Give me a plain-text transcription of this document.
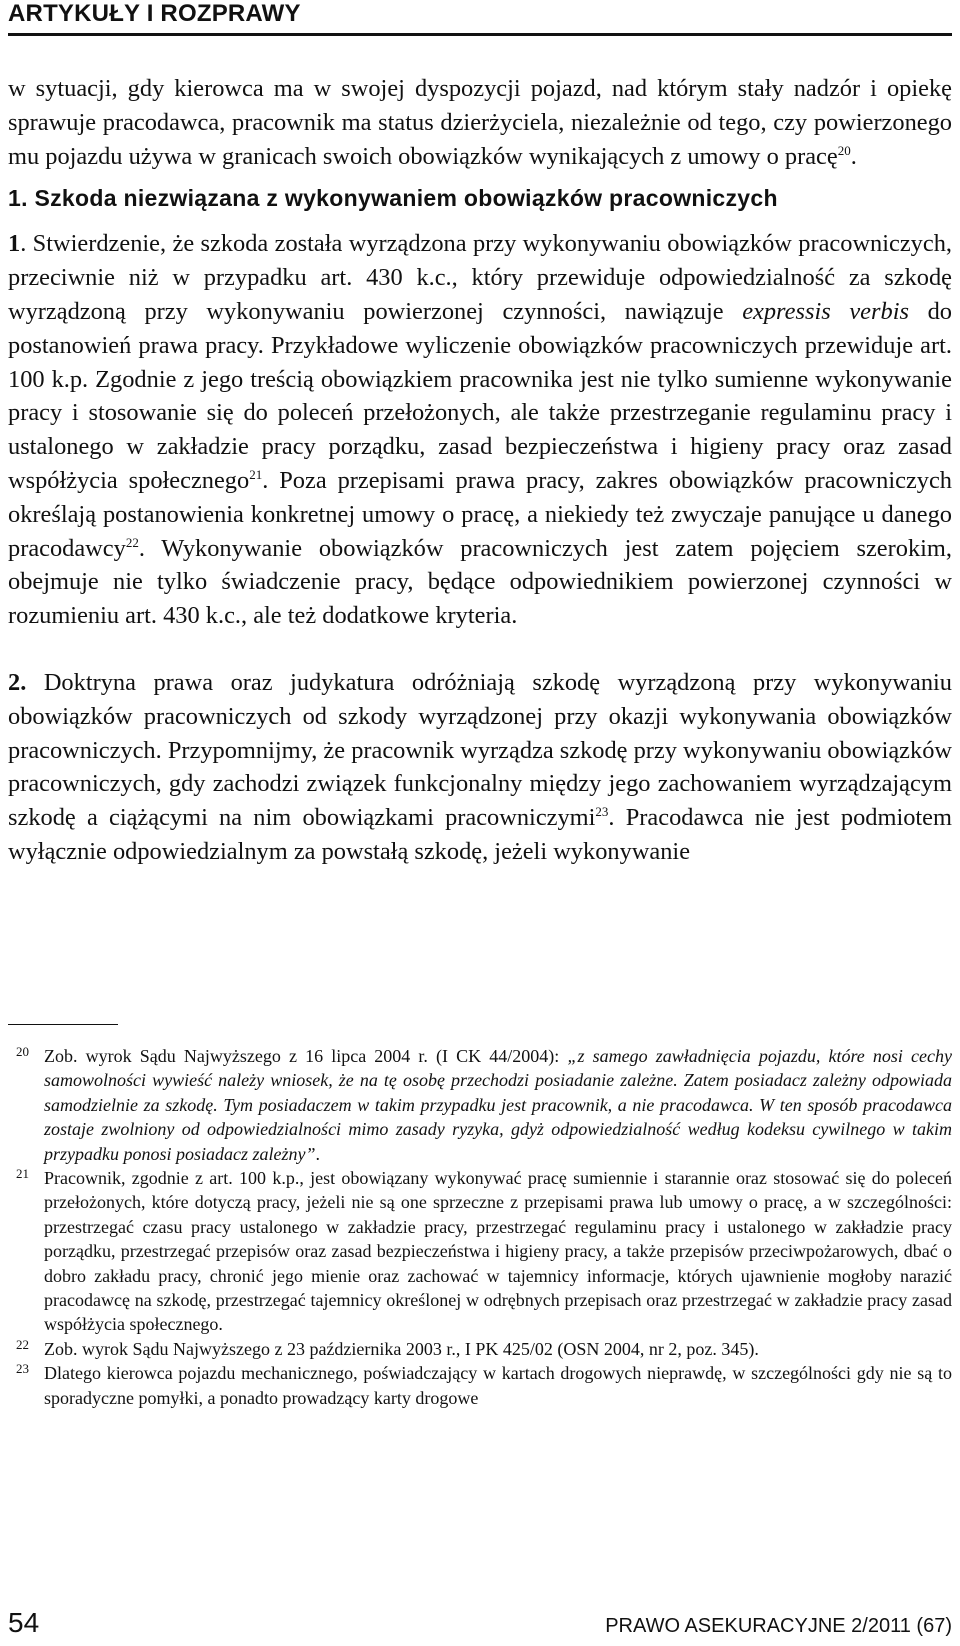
ARTYKUŁY I ROZPRAWY

w sytuacji, gdy kierowca ma w swojej dyspozycji pojazd, nad którym stały nadzór i opiekę sprawuje pracodawca, pracownik ma status dzierżyciela, niezależnie od tego, czy powierzonego mu pojazdu używa w granicach swoich obowiązków wynikających z umowy o pracę$^{20}$.

1. Szkoda niezwiązana z wykonywaniem obowiązków pracowniczych

1. Stwierdzenie, że szkoda została wyrządzona przy wykonywaniu obowiązków pracowniczych, przeciwnie niż w przypadku art. 430 k.c., który przewiduje odpowiedzialność za szkodę wyrządzoną przy wykonywaniu powierzonej czynności, nawiązuje expressis verbis do postanowień prawa pracy. Przykładowe wyliczenie obowiązków pracowniczych przewiduje art. 100 k.p. Zgodnie z jego treścią obowiązkiem pracownika jest nie tylko sumienne wykonywanie pracy i stosowanie się do poleceń przełożonych, ale także przestrzeganie regulaminu pracy i ustalonego w zakładzie pracy porządku, zasad bezpieczeństwa i higieny pracy oraz zasad współżycia społecznego$^{21}$. Poza przepisami prawa pracy, zakres obowiązków pracowniczych określają postanowienia konkretnej umowy o pracę, a niekiedy też zwyczaje panujące u danego pracodawcy$^{22}$. Wykonywanie obowiązków pracowniczych jest zatem pojęciem szerokim, obejmuje nie tylko świadczenie pracy, będące odpowiednikiem powierzonej czynności w rozumieniu art. 430 k.c., ale też dodatkowe kryteria.

2. Doktryna prawa oraz judykatura odróżniają szkodę wyrządzoną przy wykonywaniu obowiązków pracowniczych od szkody wyrządzonej przy okazji wykonywania obowiązków pracowniczych. Przypomnijmy, że pracownik wyrządza szkodę przy wykonywaniu obowiązków pracowniczych, gdy zachodzi związek funkcjonalny między jego zachowaniem wyrządzającym szkodę a ciążącymi na nim obowiązkami pracowniczymi$^{23}$. Pracodawca nie jest podmiotem wyłącznie odpowiedzialnym za powstałą szkodę, jeżeli wykonywanie

20 Zob. wyrok Sądu Najwyższego z 16 lipca 2004 r. (I CK 44/2004): „z samego zawładnięcia pojazdu, które nosi cechy samowolności wywieść należy wniosek, że na tę osobę przechodzi posiadanie zależne. Zatem posiadacz zależny odpowiada samodzielnie za szkodę. Tym posiadaczem w takim przypadku jest pracownik, a nie pracodawca. W ten sposób pracodawca zostaje zwolniony od odpowiedzialności mimo zasady ryzyka, gdyż odpowiedzialność według kodeksu cywilnego w takim przypadku ponosi posiadacz zależny”.

21 Pracownik, zgodnie z art. 100 k.p., jest obowiązany wykonywać pracę sumiennie i starannie oraz stosować się do poleceń przełożonych, które dotyczą pracy, jeżeli nie są one sprzeczne z przepisami prawa lub umowy o pracę, a w szczególności: przestrzegać czasu pracy ustalonego w zakładzie pracy, przestrzegać regulaminu pracy i ustalonego w zakładzie pracy porządku, przestrzegać przepisów oraz zasad bezpieczeństwa i higieny pracy, a także przepisów przeciwpożarowych, dbać o dobro zakładu pracy, chronić jego mienie oraz zachować w tajemnicy informacje, których ujawnienie mogłoby narazić pracodawcę na szkodę, przestrzegać tajemnicy określonej w odrębnych przepisach oraz przestrzegać w zakładzie pracy zasad współżycia społecznego.

22 Zob. wyrok Sądu Najwyższego z 23 października 2003 r., I PK 425/02 (OSN 2004, nr 2, poz. 345).

23 Dlatego kierowca pojazdu mechanicznego, poświadczający w kartach drogowych nieprawdę, w szczególności gdy nie są to sporadyczne pomyłki, a ponadto prowadzący karty drogowe

54	PRAWO ASEKURACYJNE 2/2011 (67)
